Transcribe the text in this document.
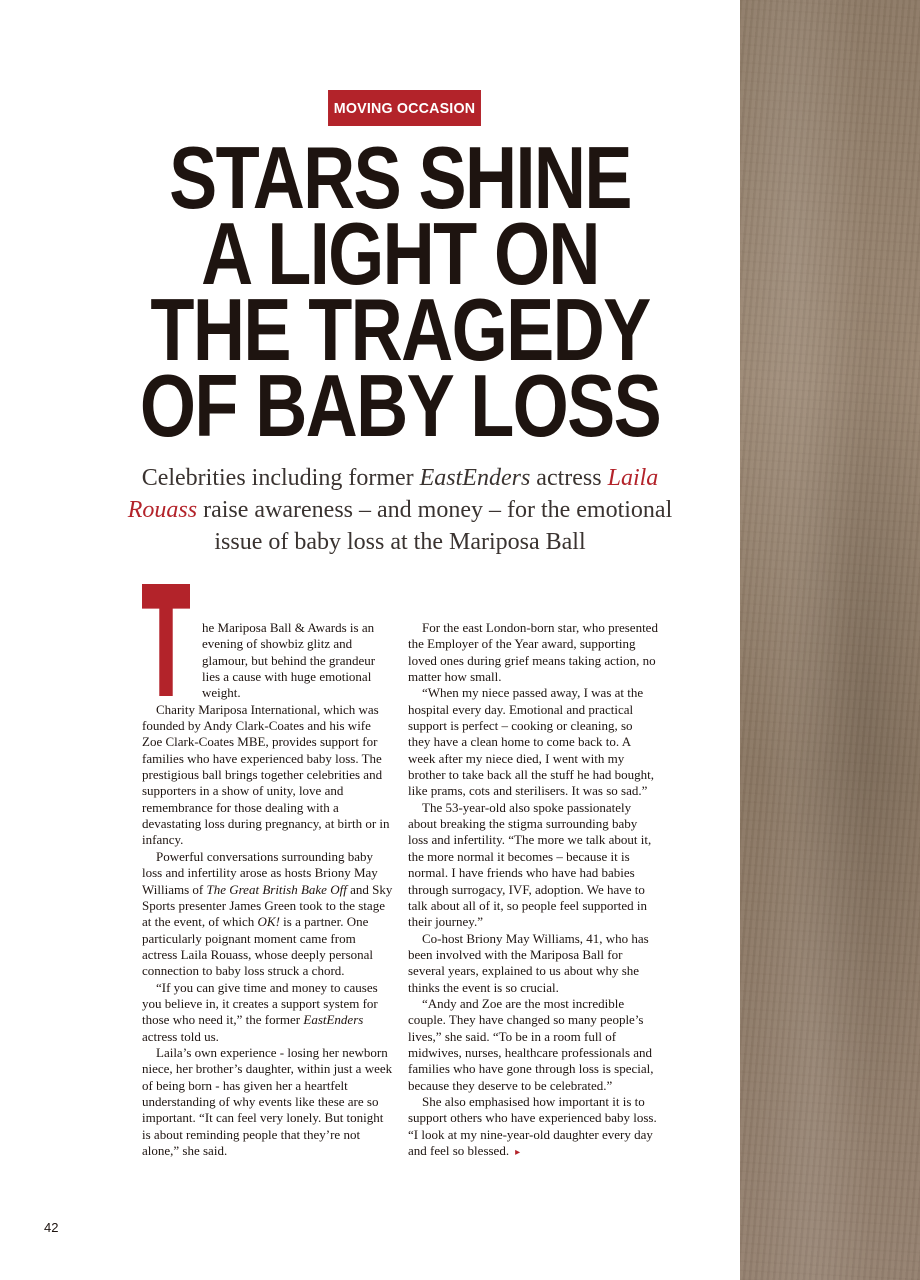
MOVING OCCASION
STARS SHINE
A LIGHT ON
THE TRAGEDY
OF BABY LOSS
Celebrities including former EastEnders actress Laila Rouass raise awareness – and money – for the emotional issue of baby loss at the Mariposa Ball

he Mariposa Ball & Awards is an evening of showbiz glitz and glamour, but behind the grandeur lies a cause with huge emotional weight.

Charity Mariposa International, which was founded by Andy Clark-Coates and his wife Zoe Clark-Coates MBE, provides support for families who have experienced baby loss. The prestigious ball brings together celebrities and supporters in a show of unity, love and remembrance for those dealing with a devastating loss during pregnancy, at birth or in infancy.

Powerful conversations surrounding baby loss and infertility arose as hosts Briony May Williams of The Great British Bake Off and Sky Sports presenter James Green took to the stage at the event, of which OK! is a partner. One particularly poignant moment came from actress Laila Rouass, whose deeply personal connection to baby loss struck a chord.

“If you can give time and money to causes you believe in, it creates a support system for those who need it,” the former EastEnders actress told us.

Laila’s own experience - losing her newborn niece, her brother’s daughter, within just a week of being born - has given her a heartfelt understanding of why events like these are so important. “It can feel very lonely. But tonight is about reminding people that they’re not alone,” she said.

For the east London-born star, who presented the Employer of the Year award, supporting loved ones during grief means taking action, no matter how small.

“When my niece passed away, I was at the hospital every day. Emotional and practical support is perfect – cooking or cleaning, so they have a clean home to come back to. A week after my niece died, I went with my brother to take back all the stuff he had bought, like prams, cots and sterilisers. It was so sad.”

The 53-year-old also spoke passionately about breaking the stigma surrounding baby loss and infertility. “The more we talk about it, the more normal it becomes – because it is normal. I have friends who have had babies through surrogacy, IVF, adoption. We have to talk about all of it, so people feel supported in their journey.”

Co-host Briony May Williams, 41, who has been involved with the Mariposa Ball for several years, explained to us about why she thinks the event is so crucial.

“Andy and Zoe are the most incredible couple. They have changed so many people’s lives,” she said. “To be in a room full of midwives, nurses, healthcare professionals and families who have gone through loss is special, because they deserve to be celebrated.”

She also emphasised how important it is to support others who have experienced baby loss. “I look at my nine-year-old daughter every day and feel so blessed. ▸

42
